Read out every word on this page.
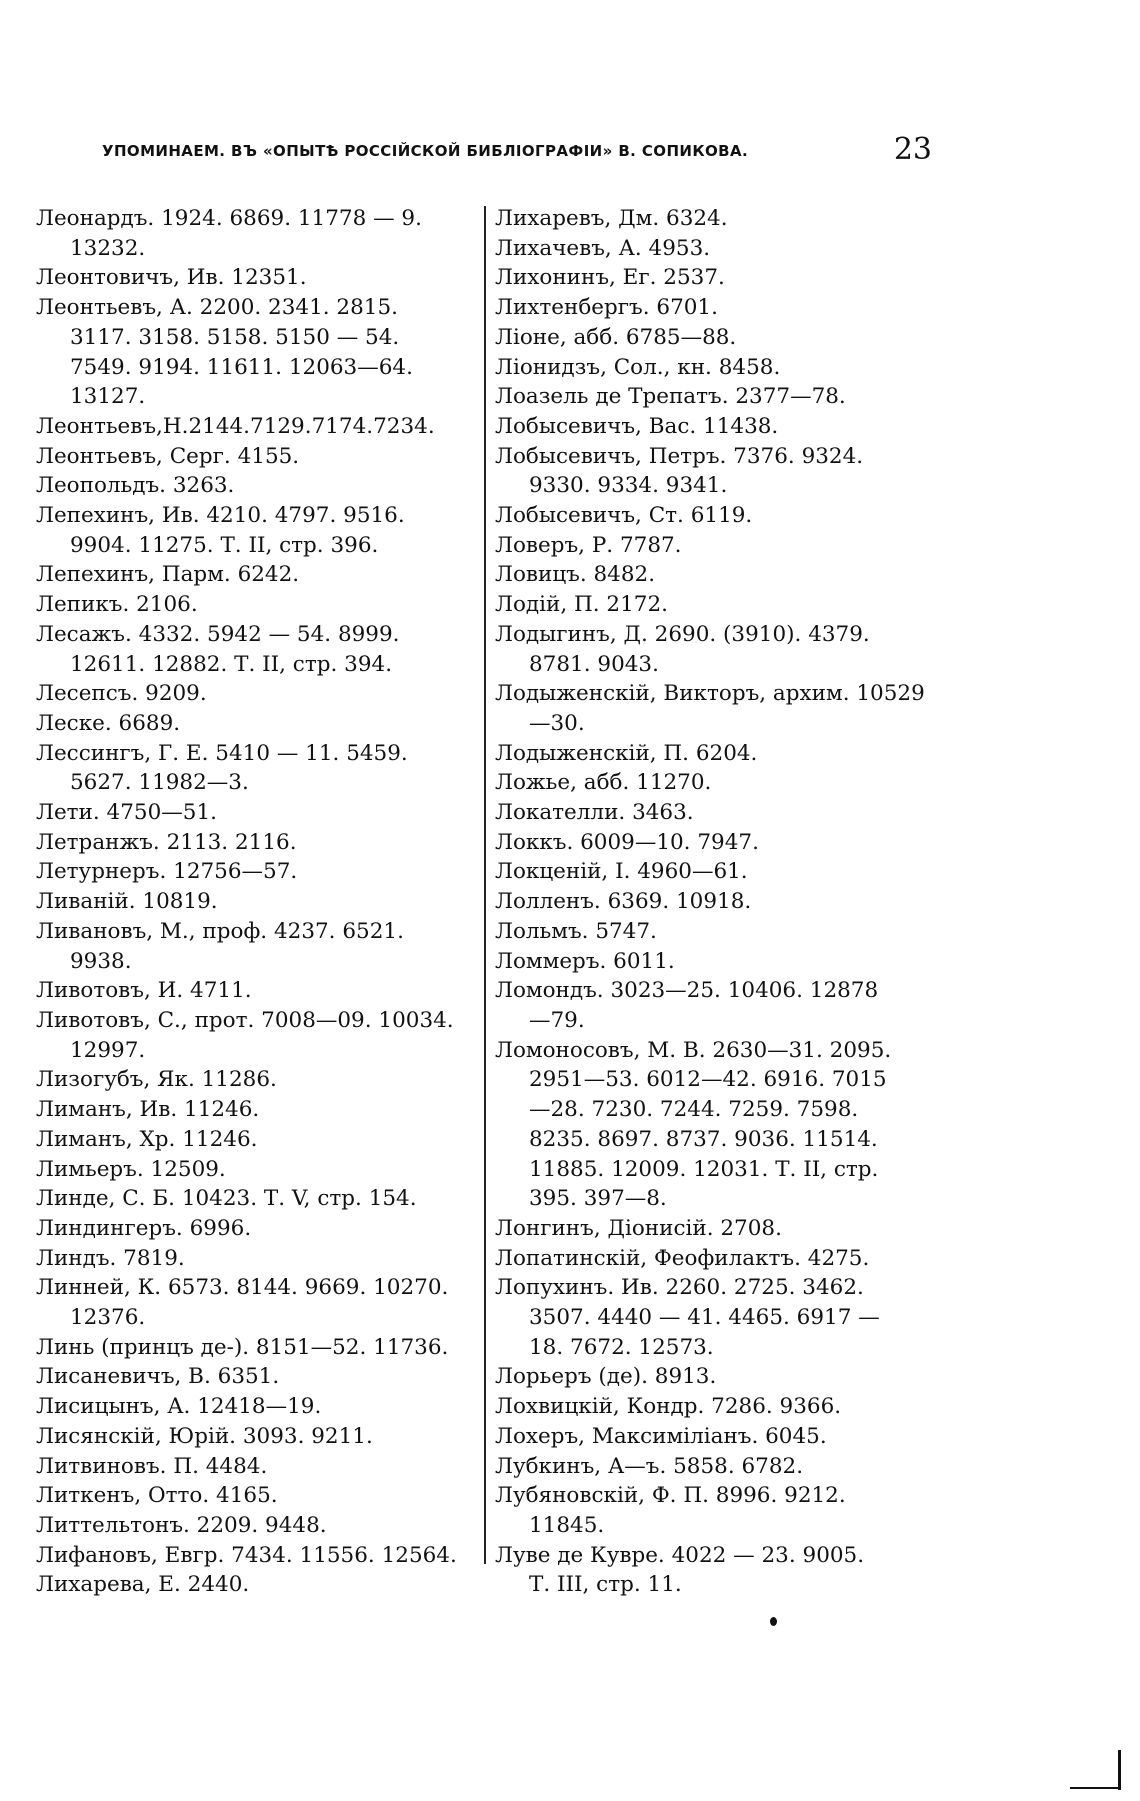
УПОМИНАЕМ. ВЪ «ОПЫТѢ РОССІЙСКОЙ БИБЛІОГРАФІИ» В. СОПИКОВА.	23
Леонардъ. 1924. 6869. 11778 — 9.
13232.
Леонтовичъ, Ив. 12351.
Леонтьевъ, А. 2200. 2341. 2815.
3117. 3158. 5158. 5150 — 54.
7549. 9194. 11611. 12063—64.
13127.
Леонтьевъ,Н.2144.7129.7174.7234.
Леонтьевъ, Серг. 4155.
Леопольдъ. 3263.
Лепехинъ, Ив. 4210. 4797. 9516.
9904. 11275. Т. II, стр. 396.
Лепехинъ, Парм. 6242.
Лепикъ. 2106.
Лесажъ. 4332. 5942 — 54. 8999.
12611. 12882. Т. II, стр. 394.
Лесепсъ. 9209.
Леске. 6689.
Лессингъ, Г. Е. 5410 — 11. 5459.
5627. 11982—3.
Лети. 4750—51.
Летранжъ. 2113. 2116.
Летурнеръ. 12756—57.
Ливаній. 10819.
Ливановъ, М., проф. 4237. 6521.
9938.
Ливотовъ, И. 4711.
Ливотовъ, С., прот. 7008—09. 10034.
12997.
Лизогубъ, Як. 11286.
Лиманъ, Ив. 11246.
Лиманъ, Хр. 11246.
Лимьеръ. 12509.
Линде, С. Б. 10423. Т. V, стр. 154.
Линдингеръ. 6996.
Линдъ. 7819.
Линней, К. 6573. 8144. 9669. 10270.
12376.
Линь (принцъ де-). 8151—52. 11736.
Лисаневичъ, В. 6351.
Лисицынъ, А. 12418—19.
Лисянскій, Юрій. 3093. 9211.
Литвиновъ. П. 4484.
Литкенъ, Отто. 4165.
Литтельтонъ. 2209. 9448.
Лифановъ, Евгр. 7434. 11556. 12564.
Лихарева, Е. 2440.
Лихаревъ, Дм. 6324.
Лихачевъ, А. 4953.
Лихонинъ, Ег. 2537.
Лихтенбергъ. 6701.
Ліоне, абб. 6785—88.
Ліонидзъ, Сол., кн. 8458.
Лоазель де Трепатъ. 2377—78.
Лобысевичъ, Вас. 11438.
Лобысевичъ, Петръ. 7376. 9324.
9330. 9334. 9341.
Лобысевичъ, Ст. 6119.
Ловеръ, Р. 7787.
Ловицъ. 8482.
Лодій, П. 2172.
Лодыгинъ, Д. 2690. (3910). 4379.
8781. 9043.
Лодыженскій, Викторъ, архим. 10529
—30.
Лодыженскій, П. 6204.
Ложье, абб. 11270.
Локателли. 3463.
Локкъ. 6009—10. 7947.
Локценій, І. 4960—61.
Лолленъ. 6369. 10918.
Лольмъ. 5747.
Ломмеръ. 6011.
Ломондъ. 3023—25. 10406. 12878
—79.
Ломоносовъ, М. В. 2630—31. 2095.
2951—53. 6012—42. 6916. 7015
—28. 7230. 7244. 7259. 7598.
8235. 8697. 8737. 9036. 11514.
11885. 12009. 12031. Т. II, стр.
395. 397—8.
Лонгинъ, Діонисій. 2708.
Лопатинскій, Феофилактъ. 4275.
Лопухинъ. Ив. 2260. 2725. 3462.
3507. 4440 — 41. 4465. 6917 —
18. 7672. 12573.
Лорьеръ (де). 8913.
Лохвицкій, Кондр. 7286. 9366.
Лохеръ, Максиміліанъ. 6045.
Лубкинъ, А—ъ. 5858. 6782.
Лубяновскій, Ф. П. 8996. 9212.
11845.
Луве де Кувре. 4022 — 23. 9005.
Т. III, стр. 11.
